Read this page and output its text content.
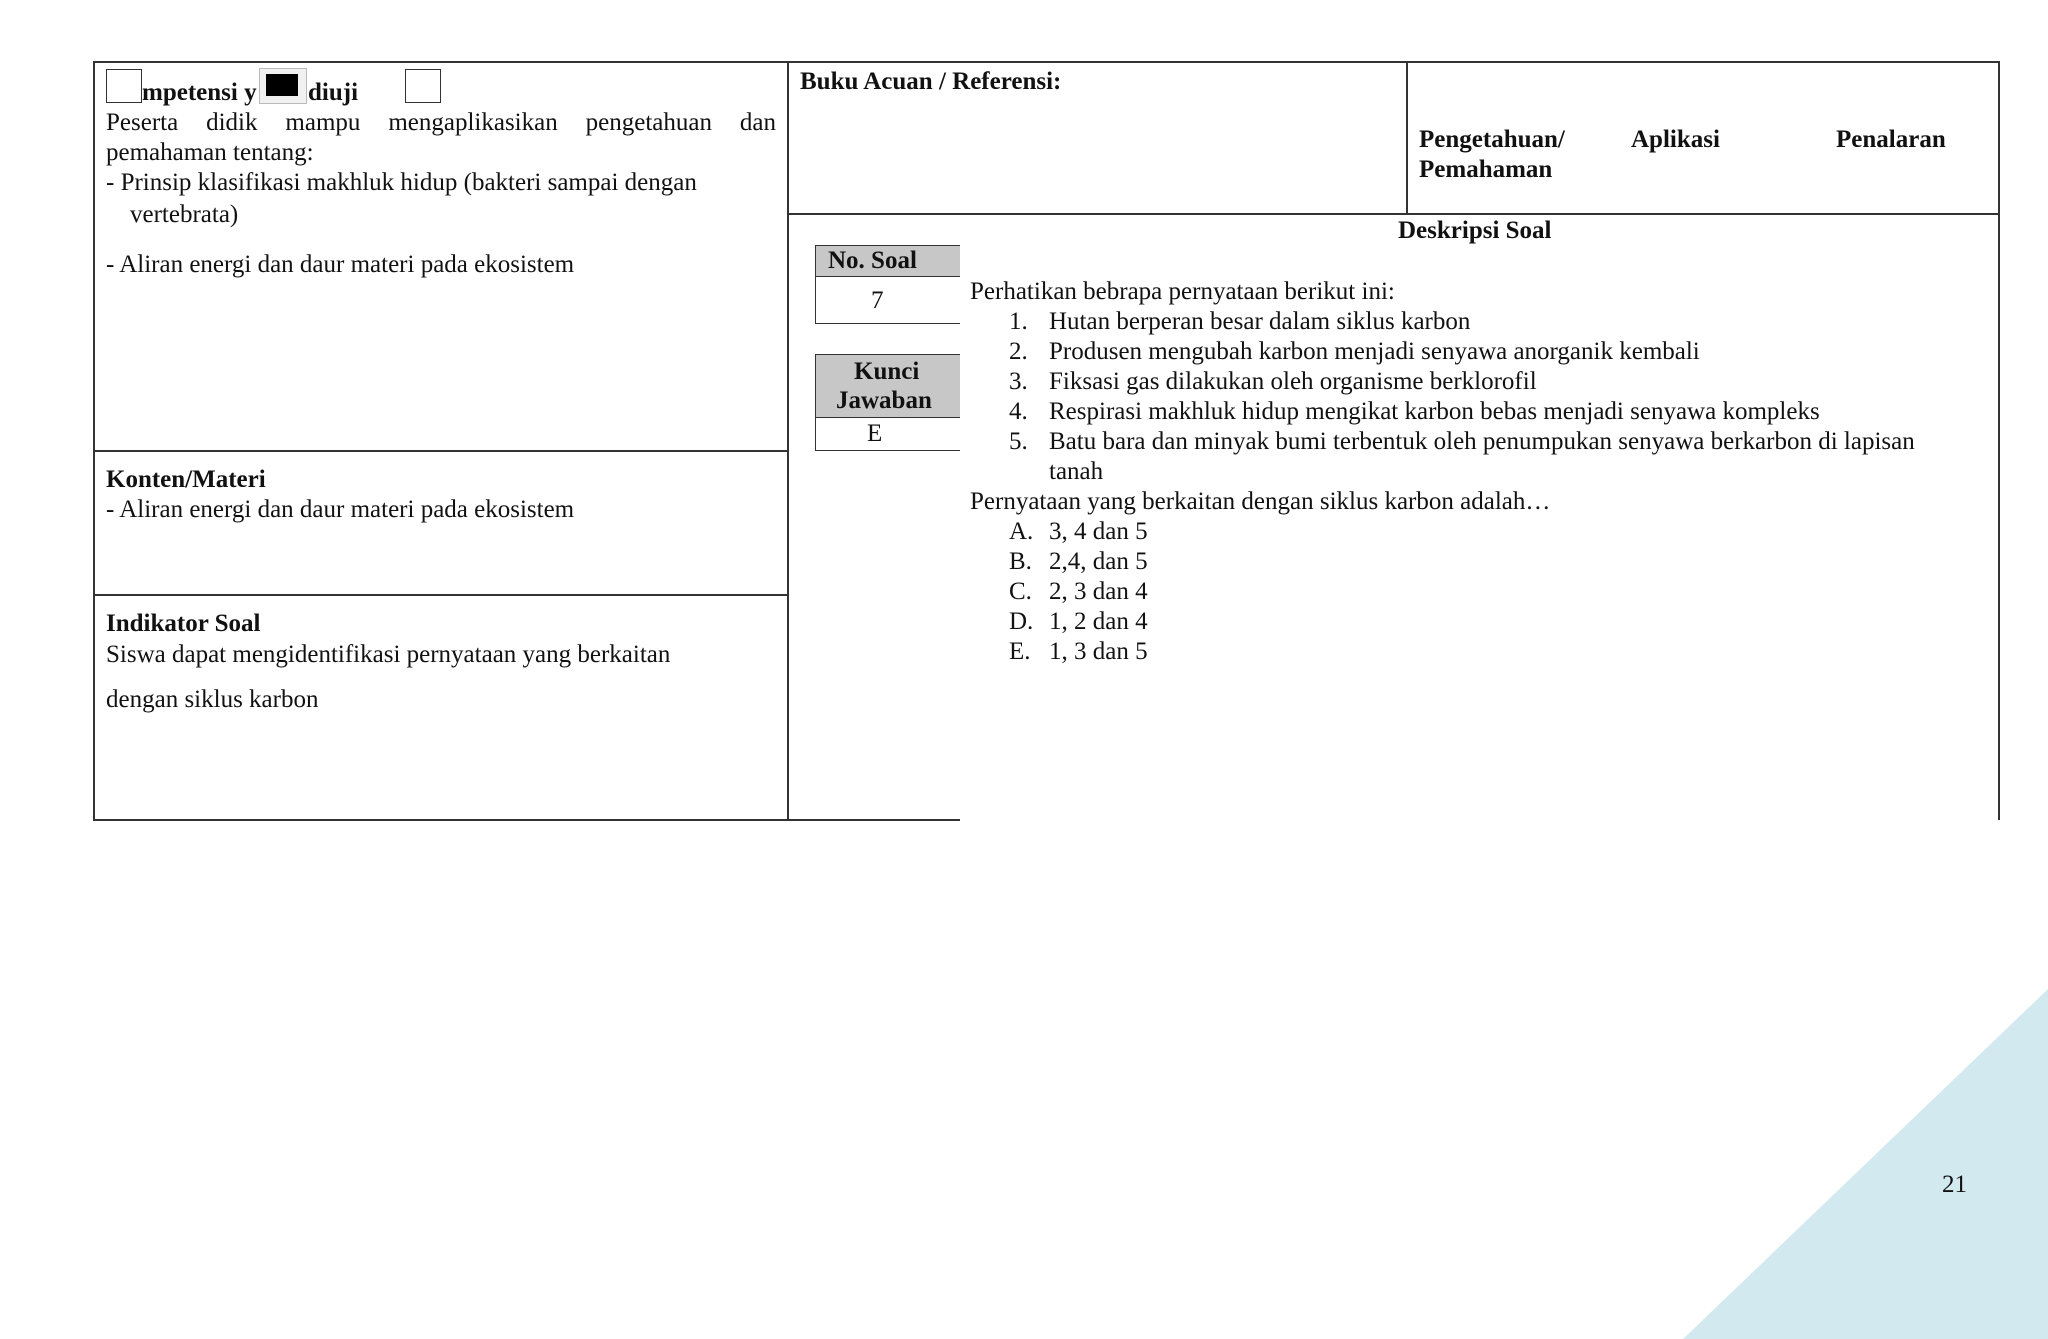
mpetensi y diuji
Peserta didik mampu mengaplikasikan pengetahuan dan
pemahaman tentang:
- Prinsip klasifikasi makhluk hidup (bakteri sampai dengan
vertebrata)
- Aliran energi dan daur materi pada ekosistem
Konten/Materi
- Aliran energi dan daur materi pada ekosistem
Indikator Soal
Siswa dapat mengidentifikasi pernyataan yang berkaitan
dengan siklus karbon
Buku Acuan / Referensi:
Pengetahuan/
Pemahaman
Aplikasi	Penalaran
Deskripsi Soal
No. Soal
7
Kunci
Jawaban
E
Perhatikan bebrapa pernyataan berikut ini:
1. Hutan berperan besar dalam siklus karbon
2. Produsen mengubah karbon menjadi senyawa anorganik kembali
3. Fiksasi gas dilakukan oleh organisme berklorofil
4. Respirasi makhluk hidup mengikat karbon bebas menjadi senyawa kompleks
5. Batu bara dan minyak bumi terbentuk oleh penumpukan senyawa berkarbon di lapisan
tanah
Pernyataan yang berkaitan dengan siklus karbon adalah…
A. 3, 4 dan 5
B. 2,4, dan 5
C. 2, 3 dan 4
D. 1, 2 dan 4
E. 1, 3 dan 5
21
